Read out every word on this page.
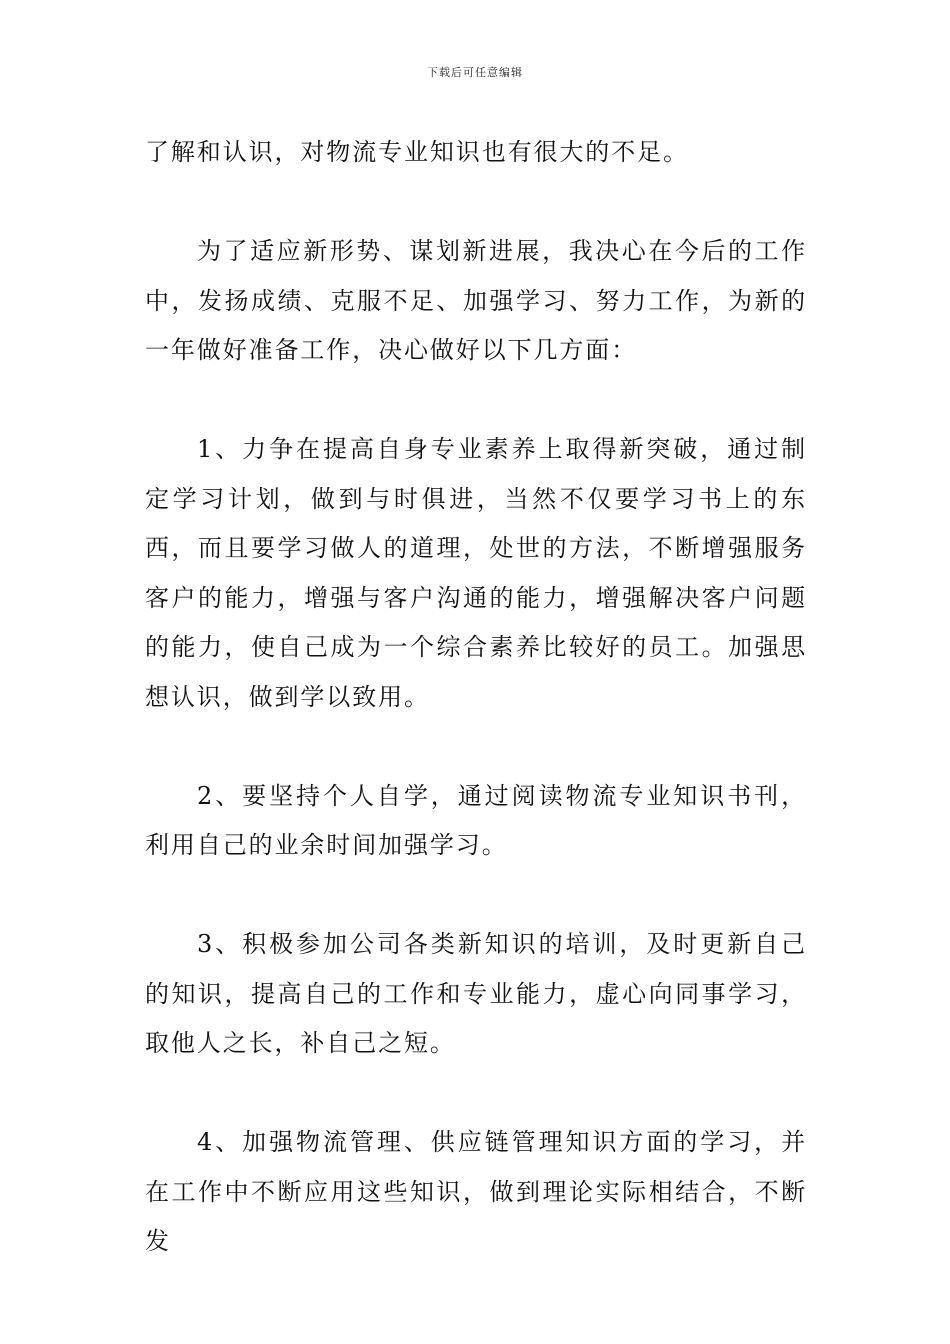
下载后可任意编辑

了解和认识，对物流专业知识也有很大的不足。

为了适应新形势、谋划新进展，我决心在今后的工作中，发扬成绩、克服不足、加强学习、努力工作，为新的一年做好准备工作，决心做好以下几方面：

1、力争在提高自身专业素养上取得新突破，通过制定学习计划，做到与时俱进，当然不仅要学习书上的东西，而且要学习做人的道理，处世的方法，不断增强服务客户的能力，增强与客户沟通的能力，增强解决客户问题的能力，使自己成为一个综合素养比较好的员工。加强思想认识，做到学以致用。

2、要坚持个人自学，通过阅读物流专业知识书刊，利用自己的业余时间加强学习。

3、积极参加公司各类新知识的培训，及时更新自己的知识，提高自己的工作和专业能力，虚心向同事学习，取他人之长，补自己之短。

4、加强物流管理、供应链管理知识方面的学习，并在工作中不断应用这些知识，做到理论实际相结合，不断发
